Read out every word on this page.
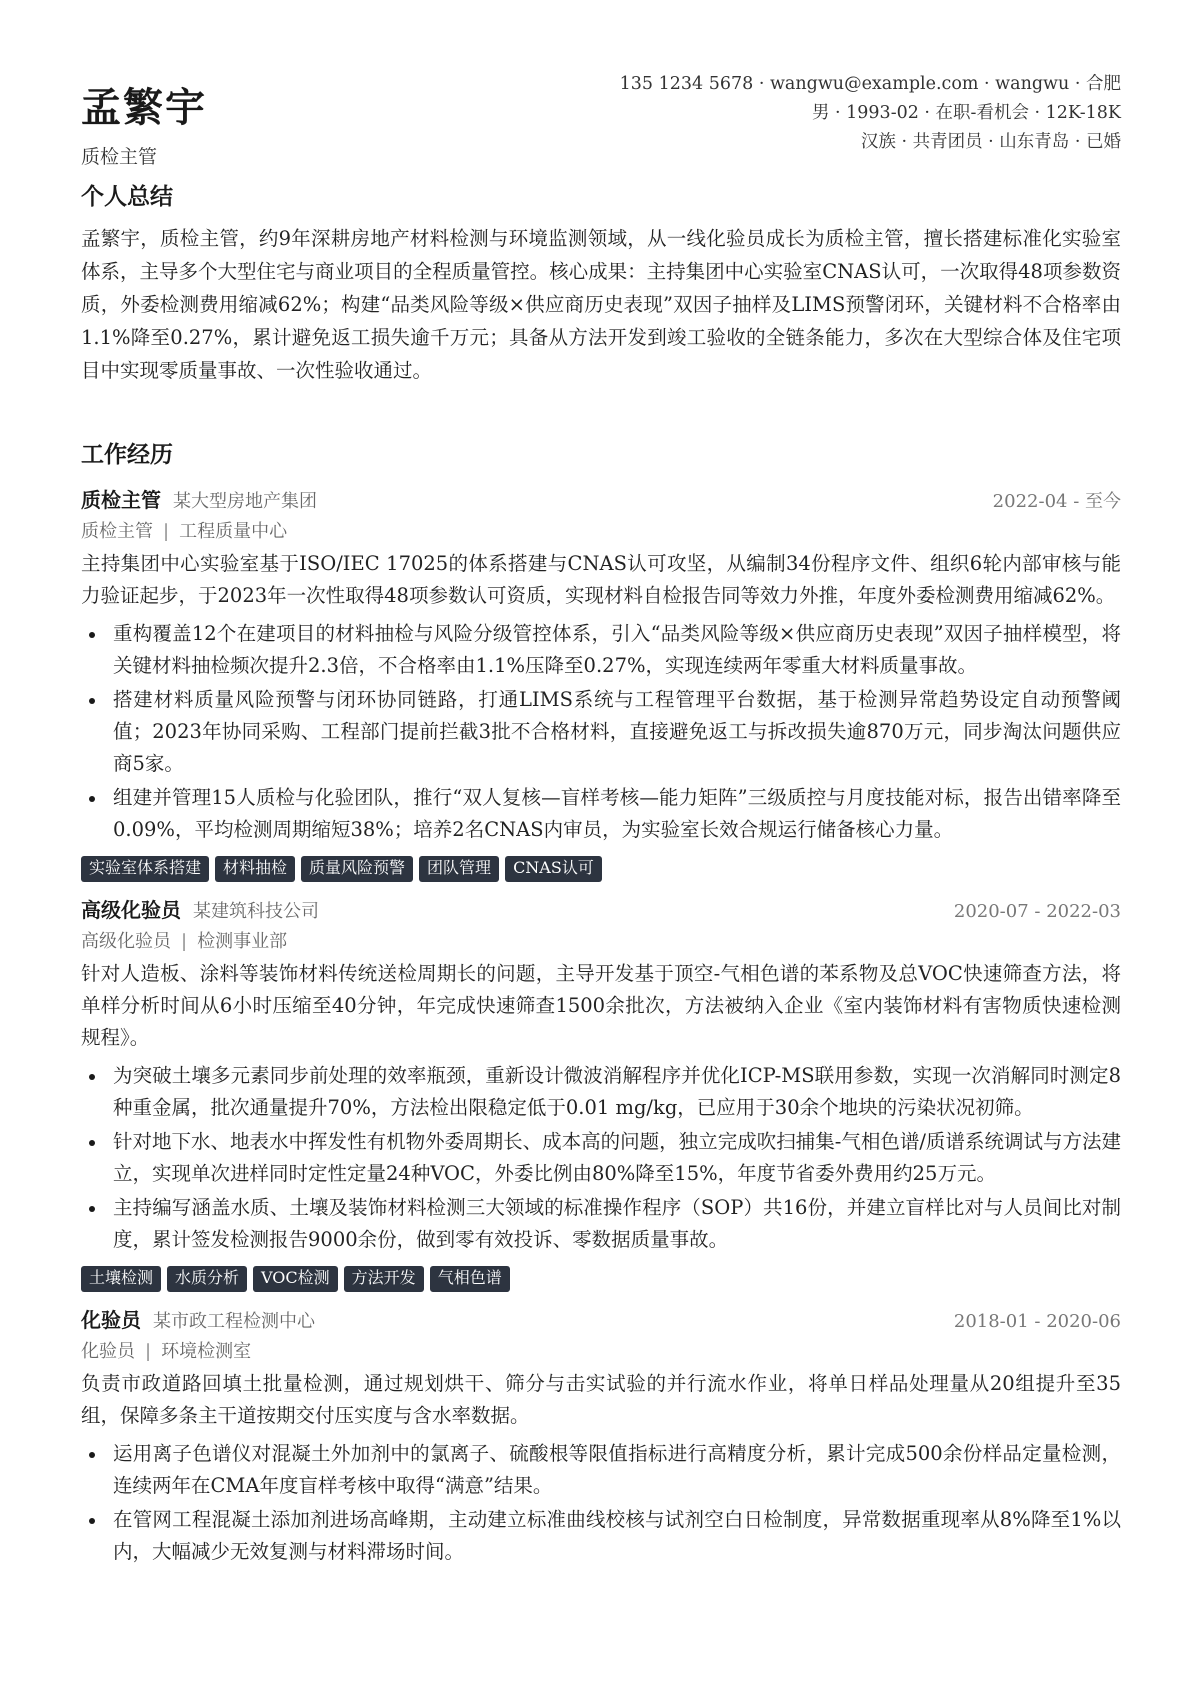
孟繁宇
质检主管
135 1234 5678 · wangwu@example.com · wangwu · 合肥
男 · 1993-02 · 在职-看机会 · 12K-18K
汉族 · 共青团员 · 山东青岛 · 已婚
个人总结
孟繁宇，质检主管，约9年深耕房地产材料检测与环境监测领域，从一线化验员成长为质检主管，擅长搭建标准化实验室体系，主导多个大型住宅与商业项目的全程质量管控。核心成果：主持集团中心实验室CNAS认可，一次取得48项参数资质，外委检测费用缩减62%；构建“品类风险等级×供应商历史表现”双因子抽样及LIMS预警闭环，关键材料不合格率由1.1%降至0.27%，累计避免返工损失逾千万元；具备从方法开发到竣工验收的全链条能力，多次在大型综合体及住宅项目中实现零质量事故、一次性验收通过。
工作经历
质检主管 某大型房地产集团	2022-04 - 至今
质检主管 | 工程质量中心
主持集团中心实验室基于ISO/IEC 17025的体系搭建与CNAS认可攻坚，从编制34份程序文件、组织6轮内部审核与能力验证起步，于2023年一次性取得48项参数认可资质，实现材料自检报告同等效力外推，年度外委检测费用缩减62%。
重构覆盖12个在建项目的材料抽检与风险分级管控体系，引入“品类风险等级×供应商历史表现”双因子抽样模型，将关键材料抽检频次提升2.3倍，不合格率由1.1%压降至0.27%，实现连续两年零重大材料质量事故。
搭建材料质量风险预警与闭环协同链路，打通LIMS系统与工程管理平台数据，基于检测异常趋势设定自动预警阈值；2023年协同采购、工程部门提前拦截3批不合格材料，直接避免返工与拆改损失逾870万元，同步淘汰问题供应商5家。
组建并管理15人质检与化验团队，推行“双人复核—盲样考核—能力矩阵”三级质控与月度技能对标，报告出错率降至0.09%，平均检测周期缩短38%；培养2名CNAS内审员，为实验室长效合规运行储备核心力量。
实验室体系搭建	材料抽检	质量风险预警	团队管理	CNAS认可
高级化验员 某建筑科技公司	2020-07 - 2022-03
高级化验员 | 检测事业部
针对人造板、涂料等装饰材料传统送检周期长的问题，主导开发基于顶空-气相色谱的苯系物及总VOC快速筛查方法，将单样分析时间从6小时压缩至40分钟，年完成快速筛查1500余批次，方法被纳入企业《室内装饰材料有害物质快速检测规程》。
为突破土壤多元素同步前处理的效率瓶颈，重新设计微波消解程序并优化ICP-MS联用参数，实现一次消解同时测定8种重金属，批次通量提升70%，方法检出限稳定低于0.01 mg/kg，已应用于30余个地块的污染状况初筛。
针对地下水、地表水中挥发性有机物外委周期长、成本高的问题，独立完成吹扫捕集-气相色谱/质谱系统调试与方法建立，实现单次进样同时定性定量24种VOC，外委比例由80%降至15%，年度节省委外费用约25万元。
主持编写涵盖水质、土壤及装饰材料检测三大领域的标准操作程序（SOP）共16份，并建立盲样比对与人员间比对制度，累计签发检测报告9000余份，做到零有效投诉、零数据质量事故。
土壤检测	水质分析	VOC检测	方法开发	气相色谱
化验员 某市政工程检测中心	2018-01 - 2020-06
化验员 | 环境检测室
负责市政道路回填土批量检测，通过规划烘干、筛分与击实试验的并行流水作业，将单日样品处理量从20组提升至35组，保障多条主干道按期交付压实度与含水率数据。
运用离子色谱仪对混凝土外加剂中的氯离子、硫酸根等限值指标进行高精度分析，累计完成500余份样品定量检测，连续两年在CMA年度盲样考核中取得“满意”结果。
在管网工程混凝土添加剂进场高峰期，主动建立标准曲线校核与试剂空白日检制度，异常数据重现率从8%降至1%以内，大幅减少无效复测与材料滞场时间。
